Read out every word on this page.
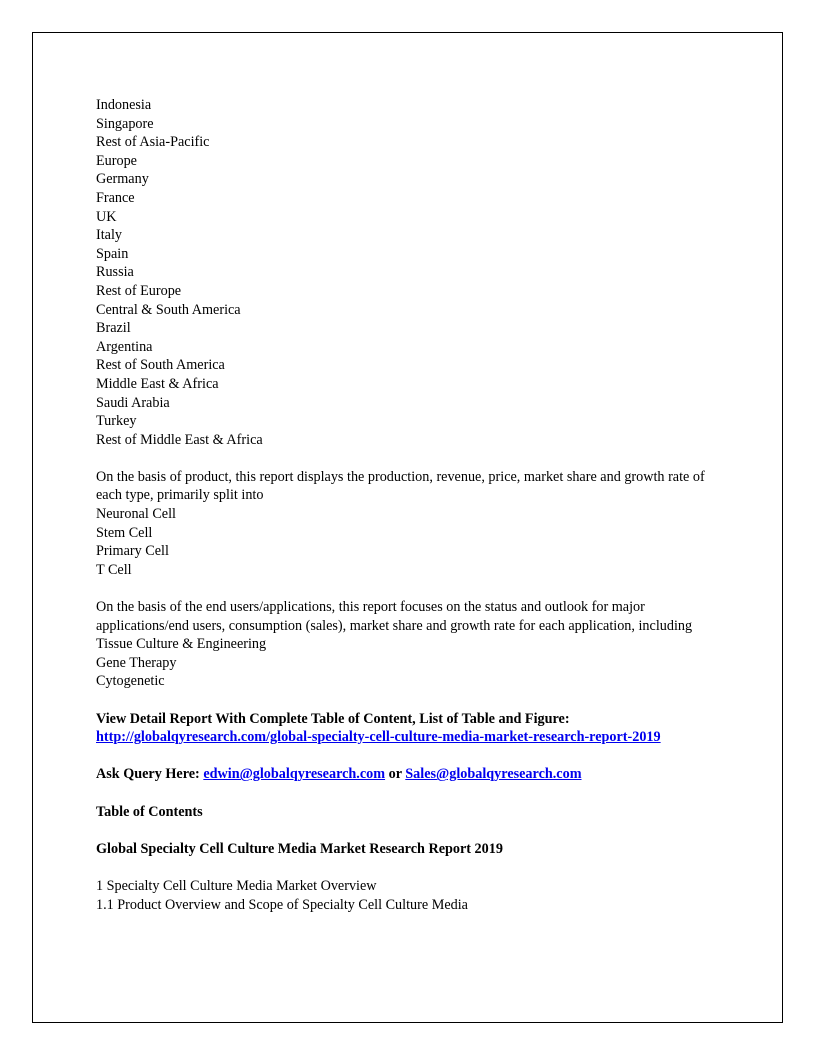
Indonesia
Singapore
Rest of Asia-Pacific
Europe
Germany
France
UK
Italy
Spain
Russia
Rest of Europe
Central & South America
Brazil
Argentina
Rest of South America
Middle East & Africa
Saudi Arabia
Turkey
Rest of Middle East & Africa
On the basis of product, this report displays the production, revenue, price, market share and growth rate of each type, primarily split into
Neuronal Cell
Stem Cell
Primary Cell
T Cell
On the basis of the end users/applications, this report focuses on the status and outlook for major applications/end users, consumption (sales), market share and growth rate for each application, including
Tissue Culture & Engineering
Gene Therapy
Cytogenetic
View Detail Report With Complete Table of Content, List of Table and Figure: http://globalqyresearch.com/global-specialty-cell-culture-media-market-research-report-2019
Ask Query Here: edwin@globalqyresearch.com or Sales@globalqyresearch.com
Table of Contents
Global Specialty Cell Culture Media Market Research Report 2019
1 Specialty Cell Culture Media Market Overview
1.1 Product Overview and Scope of Specialty Cell Culture Media
